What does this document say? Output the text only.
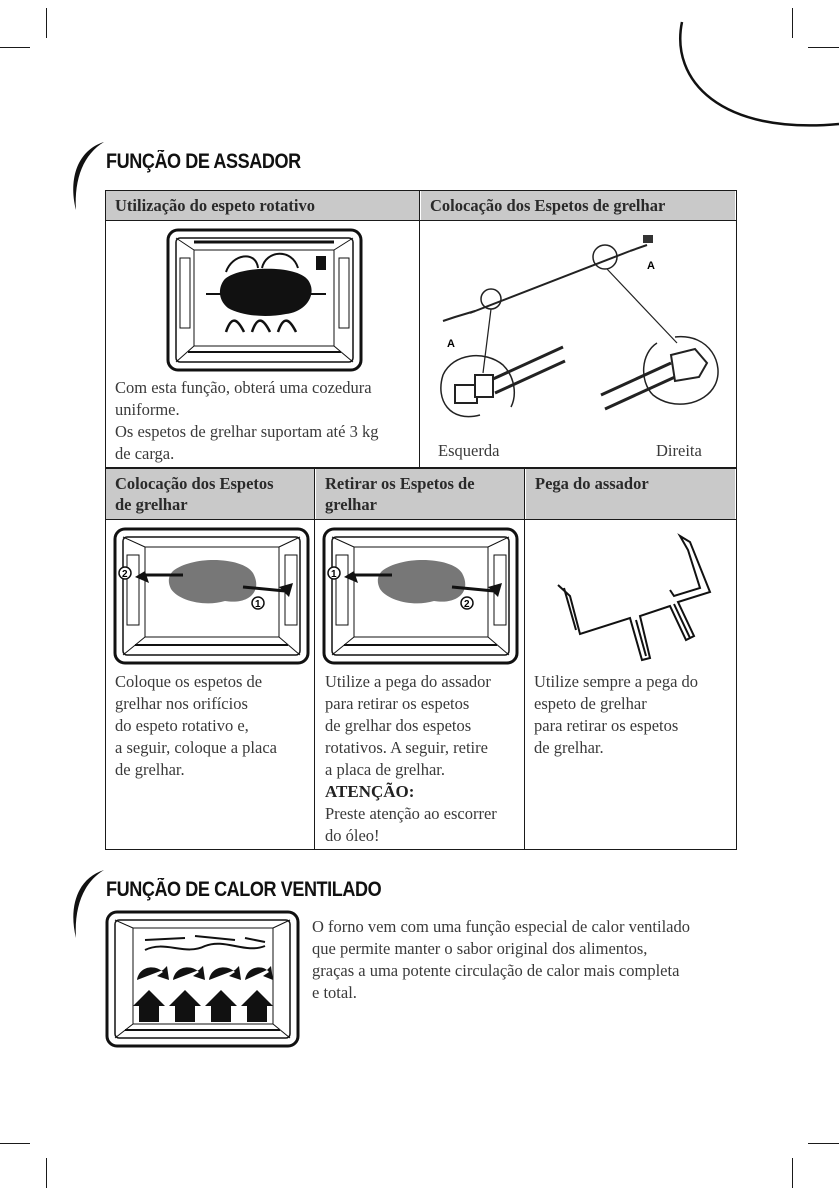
FUNÇÃO DE ASSADOR
Utilização do espeto rotativo	Colocação dos Espetos de grelhar
Colocação dos Espetos
de grelhar
Retirar os Espetos de
grelhar
Pega do assador
Com esta função, obterá uma cozedura
uniforme.
Os espetos de grelhar suportam até 3 kg
de carga.
A
A
Esquerda	Direita
2
1
Coloque os espetos de
grelhar nos orifícios
do espeto rotativo e,
a seguir, coloque a placa
de grelhar.
1
2
Utilize a pega do assador
para retirar os espetos
de grelhar dos espetos
rotativos. A seguir, retire
a placa de grelhar.
ATENÇÃO:
Preste atenção ao escorrer
do óleo!
Utilize sempre a pega do
espeto de grelhar
para retirar os espetos
de grelhar.
FUNÇÃO DE CALOR VENTILADO
O forno vem com uma função especial de calor ventilado
que permite manter o sabor original dos alimentos,
graças a uma potente circulação de calor mais completa
e total.
